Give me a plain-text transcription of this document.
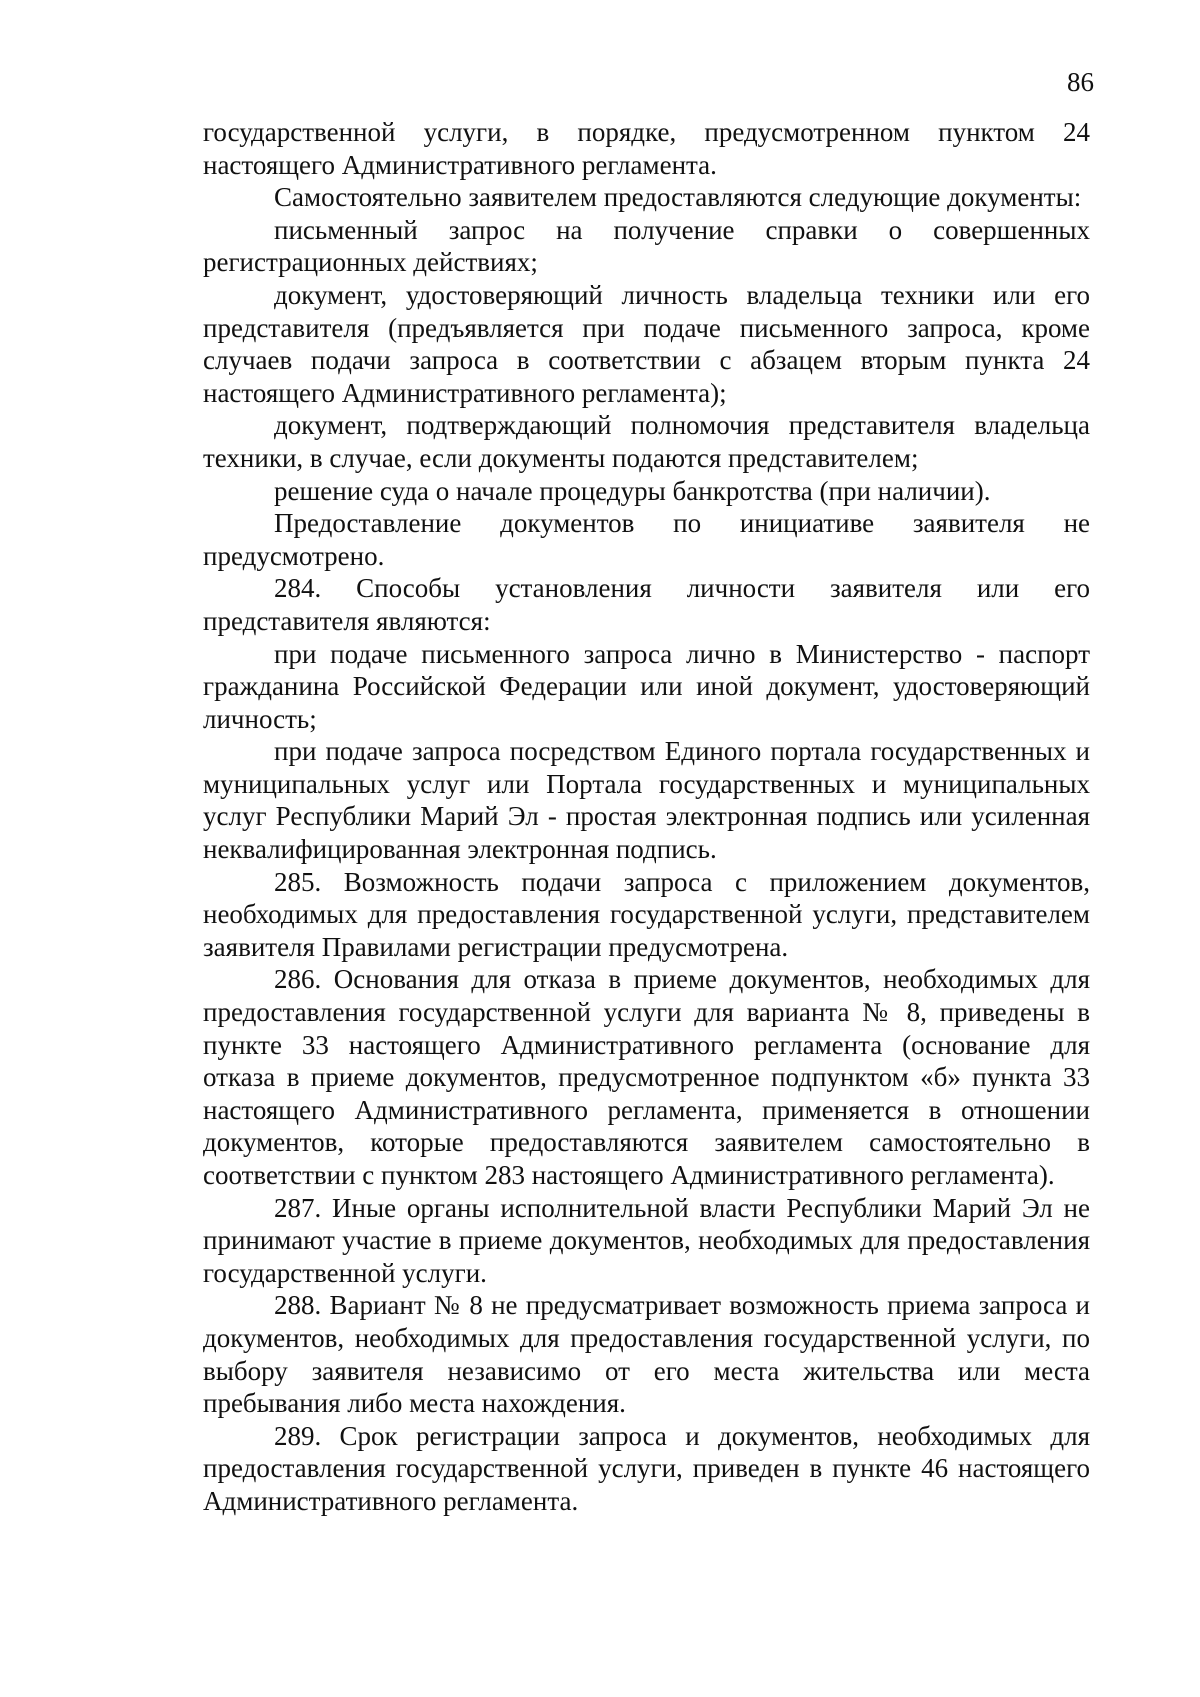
86

государственной услуги, в порядке, предусмотренном пунктом 24 настоящего Административного регламента.

Самостоятельно заявителем предоставляются следующие документы:

письменный запрос на получение справки о совершенных регистрационных действиях;

документ, удостоверяющий личность владельца техники или его представителя (предъявляется при подаче письменного запроса, кроме случаев подачи запроса в соответствии с абзацем вторым пункта 24 настоящего Административного регламента);

документ, подтверждающий полномочия представителя владельца техники, в случае, если документы подаются представителем;

решение суда о начале процедуры банкротства (при наличии).

Предоставление документов по инициативе заявителя не предусмотрено.

284. Способы установления личности заявителя или его представителя являются:

при подаче письменного запроса лично в Министерство - паспорт гражданина Российской Федерации или иной документ, удостоверяющий личность;

при подаче запроса посредством Единого портала государственных и муниципальных услуг или Портала государственных и муниципальных услуг Республики Марий Эл - простая электронная подпись или усиленная неквалифицированная электронная подпись.

285. Возможность подачи запроса с приложением документов, необходимых для предоставления государственной услуги, представителем заявителя Правилами регистрации предусмотрена.

286. Основания для отказа в приеме документов, необходимых для предоставления государственной услуги для варианта № 8, приведены в пункте 33 настоящего Административного регламента (основание для отказа в приеме документов, предусмотренное подпунктом «б» пункта 33 настоящего Административного регламента, применяется в отношении документов, которые предоставляются заявителем самостоятельно в соответствии с пунктом 283 настоящего Административного регламента).

287. Иные органы исполнительной власти Республики Марий Эл не принимают участие в приеме документов, необходимых для предоставления государственной услуги.

288. Вариант № 8 не предусматривает возможность приема запроса и документов, необходимых для предоставления государственной услуги, по выбору заявителя независимо от его места жительства или места пребывания либо места нахождения.

289. Срок регистрации запроса и документов, необходимых для предоставления государственной услуги, приведен в пункте 46 настоящего Административного регламента.
